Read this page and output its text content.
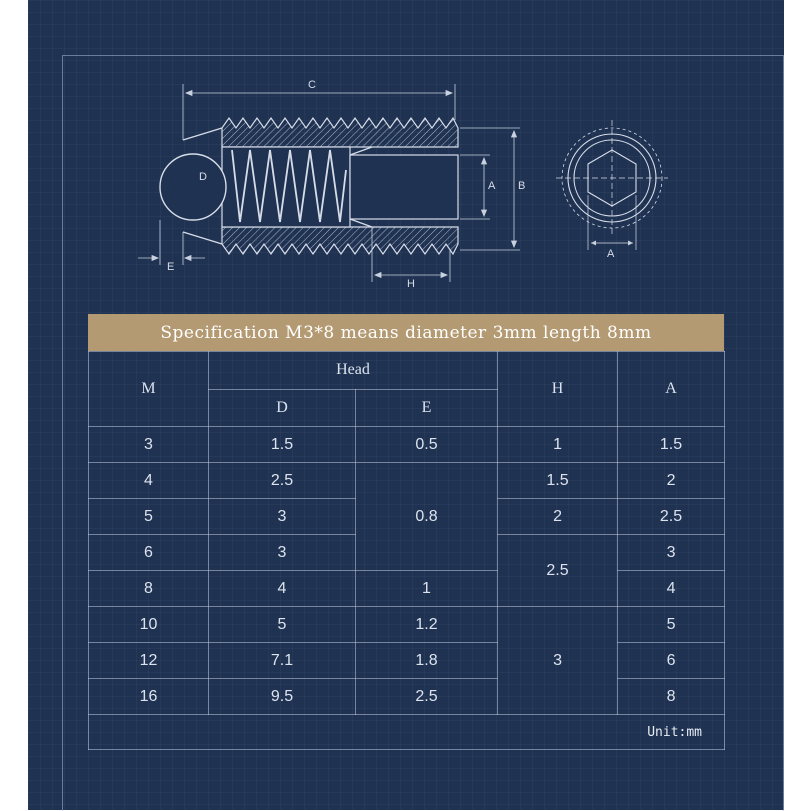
D
C
A B
E
H
A
Specification M3*8 means diameter 3mm length 8mm
M	Head		H	A
	D	E		
3	1.5	0.5	1	1.5
4	2.5	0.8	1.5	2
5	3		2	2.5
6	3		2.5	3
8	4	1		4
10	5	1.2	3	5
12	7.1	1.8		6
16	9.5	2.5		8
Unit:mm				
